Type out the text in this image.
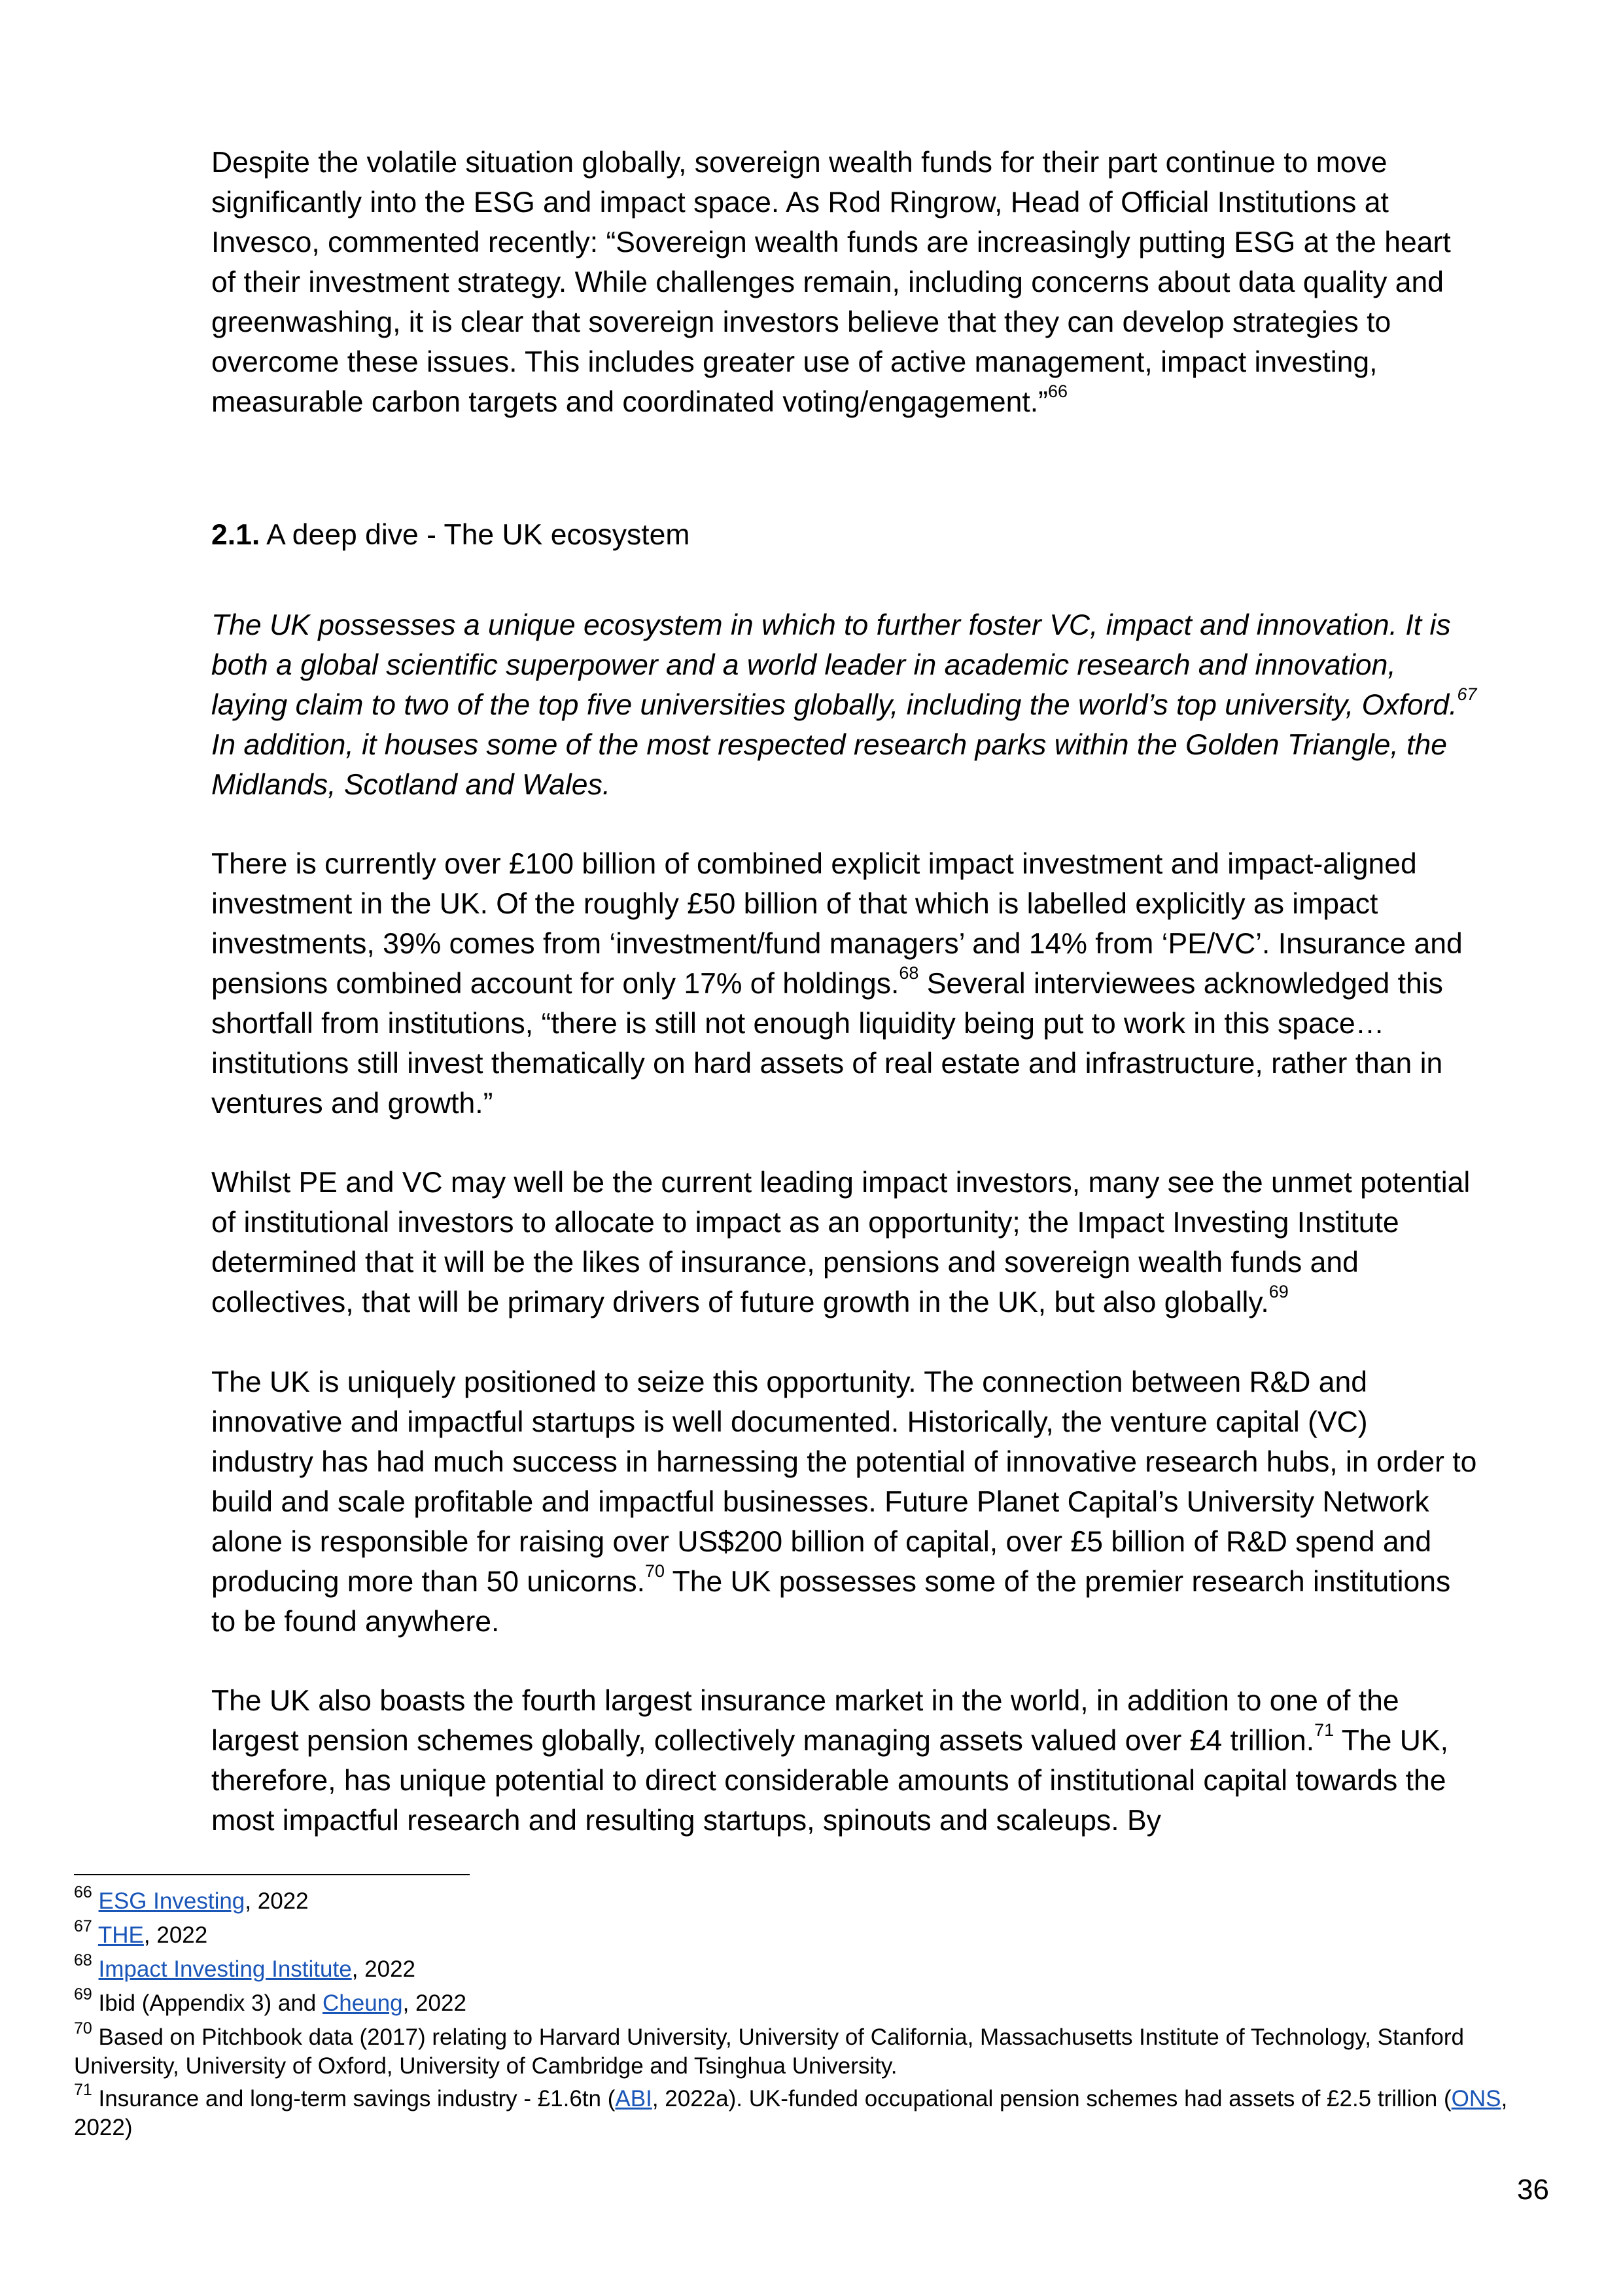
Despite the volatile situation globally, sovereign wealth funds for their part continue to move significantly into the ESG and impact space. As Rod Ringrow, Head of Official Institutions at Invesco, commented recently: “Sovereign wealth funds are increasingly putting ESG at the heart of their investment strategy. While challenges remain, including concerns about data quality and greenwashing, it is clear that sovereign investors believe that they can develop strategies to overcome these issues. This includes greater use of active management, impact investing, measurable carbon targets and coordinated voting/engagement.”$^{66}$

2.1. A deep dive - The UK ecosystem

The UK possesses a unique ecosystem in which to further foster VC, impact and innovation. It is both a global scientific superpower and a world leader in academic research and innovation, laying claim to two of the top five universities globally, including the world’s top university, Oxford.$^{67}$ In addition, it houses some of the most respected research parks within the Golden Triangle, the Midlands, Scotland and Wales.

There is currently over £100 billion of combined explicit impact investment and impact-aligned investment in the UK. Of the roughly £50 billion of that which is labelled explicitly as impact investments, 39% comes from ‘investment/fund managers’ and 14% from ‘PE/VC’. Insurance and pensions combined account for only 17% of holdings.$^{68}$ Several interviewees acknowledged this shortfall from institutions, “there is still not enough liquidity being put to work in this space… institutions still invest thematically on hard assets of real estate and infrastructure, rather than in ventures and growth.”

Whilst PE and VC may well be the current leading impact investors, many see the unmet potential of institutional investors to allocate to impact as an opportunity; the Impact Investing Institute determined that it will be the likes of insurance, pensions and sovereign wealth funds and collectives, that will be primary drivers of future growth in the UK, but also globally.$^{69}$

The UK is uniquely positioned to seize this opportunity. The connection between R&D and innovative and impactful startups is well documented. Historically, the venture capital (VC) industry has had much success in harnessing the potential of innovative research hubs, in order to build and scale profitable and impactful businesses. Future Planet Capital’s University Network alone is responsible for raising over US$200 billion of capital, over £5 billion of R&D spend and producing more than 50 unicorns.$^{70}$ The UK possesses some of the premier research institutions to be found anywhere.

The UK also boasts the fourth largest insurance market in the world, in addition to one of the largest pension schemes globally, collectively managing assets valued over £4 trillion.$^{71}$ The UK, therefore, has unique potential to direct considerable amounts of institutional capital towards the most impactful research and resulting startups, spinouts and scaleups. By

$^{66}$ ESG Investing, 2022

$^{67}$ THE, 2022

$^{68}$ Impact Investing Institute, 2022

$^{69}$ Ibid (Appendix 3) and Cheung, 2022

$^{70}$ Based on Pitchbook data (2017) relating to Harvard University, University of California, Massachusetts Institute of Technology, Stanford University, University of Oxford, University of Cambridge and Tsinghua University.

$^{71}$ Insurance and long-term savings industry - £1.6tn (ABI, 2022a). UK-funded occupational pension schemes had assets of £2.5 trillion (ONS, 2022)

36
